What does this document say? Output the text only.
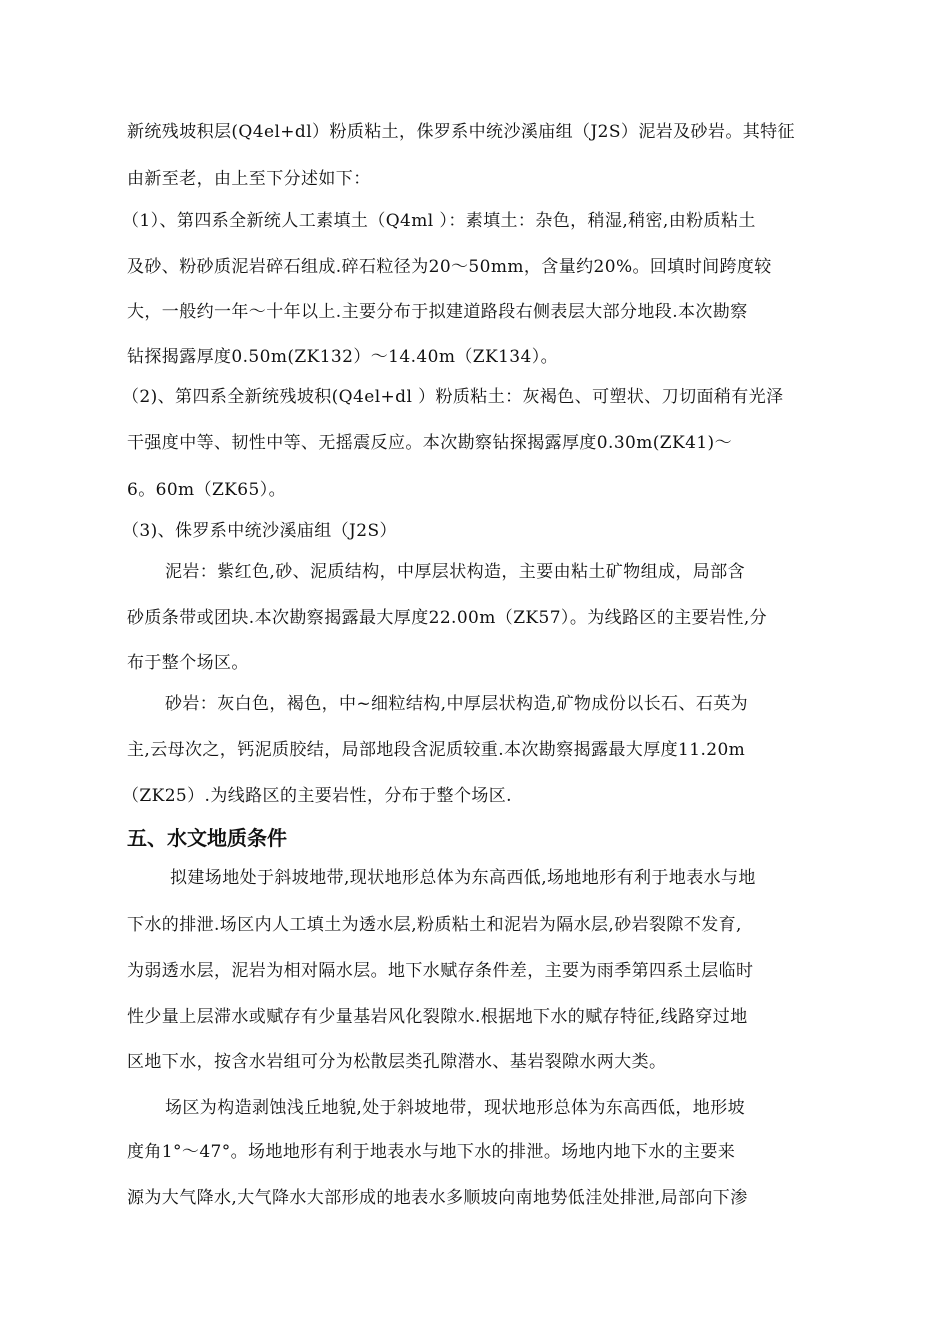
新统残坡积层(Q4el+dl）粉质粘土，侏罗系中统沙溪庙组（J2S）泥岩及砂岩。其特征
由新至老，由上至下分述如下：
（1）、第四系全新统人工素填土（Q4ml ）：素填土：杂色，稍湿,稍密,由粉质粘土
及砂、粉砂质泥岩碎石组成.碎石粒径为20～50mm，含量约20%。回填时间跨度较
大，一般约一年～十年以上.主要分布于拟建道路段右侧表层大部分地段.本次勘察
钻探揭露厚度0.50m(ZK132）～14.40m（ZK134）。
（2)、第四系全新统残坡积(Q4el+dl ）粉质粘土：灰褐色、可塑状、刀切面稍有光泽
干强度中等、韧性中等、无摇震反应。本次勘察钻探揭露厚度0.30m(ZK41)～
6。60m（ZK65）。
（3)、侏罗系中统沙溪庙组（J2S）
泥岩：紫红色,砂、泥质结构，中厚层状构造，主要由粘土矿物组成，局部含
砂质条带或团块.本次勘察揭露最大厚度22.00m（ZK57）。为线路区的主要岩性,分
布于整个场区。
砂岩：灰白色，褐色，中~细粒结构,中厚层状构造,矿物成份以长石、石英为
主,云母次之，钙泥质胶结，局部地段含泥质较重.本次勘察揭露最大厚度11.20m
（ZK25）.为线路区的主要岩性，分布于整个场区.
五、水文地质条件
拟建场地处于斜坡地带,现状地形总体为东高西低,场地地形有利于地表水与地
下水的排泄.场区内人工填土为透水层,粉质粘土和泥岩为隔水层,砂岩裂隙不发育,
为弱透水层，泥岩为相对隔水层。地下水赋存条件差，主要为雨季第四系土层临时
性少量上层滞水或赋存有少量基岩风化裂隙水.根据地下水的赋存特征,线路穿过地
区地下水，按含水岩组可分为松散层类孔隙潜水、基岩裂隙水两大类。
场区为构造剥蚀浅丘地貌,处于斜坡地带，现状地形总体为东高西低，地形坡
度角1°～47°。场地地形有利于地表水与地下水的排泄。场地内地下水的主要来
源为大气降水,大气降水大部形成的地表水多顺坡向南地势低洼处排泄,局部向下渗
